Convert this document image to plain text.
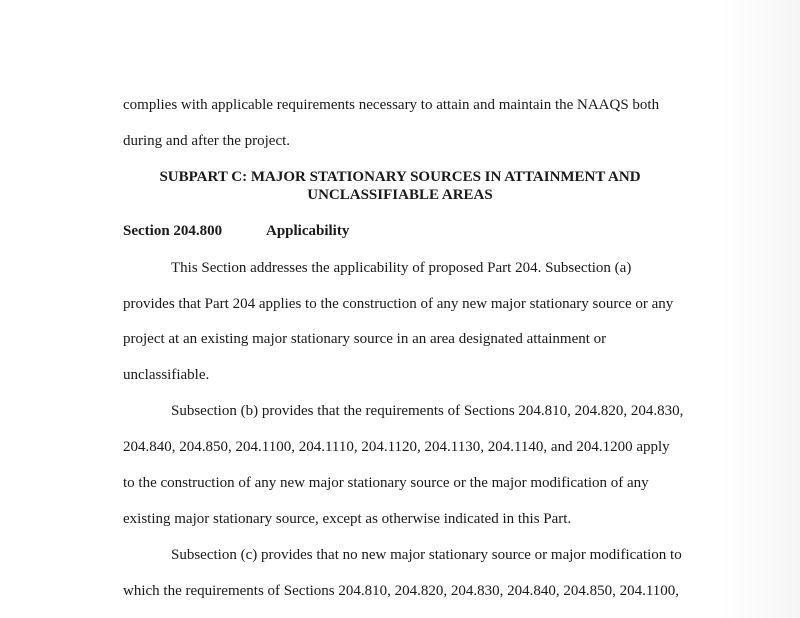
complies with applicable requirements necessary to attain and maintain the NAAQS both
during and after the project.
SUBPART C: MAJOR STATIONARY SOURCES IN ATTAINMENT AND
UNCLASSIFIABLE AREAS
Section 204.800	Applicability
This Section addresses the applicability of proposed Part 204. Subsection (a)
provides that Part 204 applies to the construction of any new major stationary source or any
project at an existing major stationary source in an area designated attainment or
unclassifiable.
Subsection (b) provides that the requirements of Sections 204.810, 204.820, 204.830,
204.840, 204.850, 204.1100, 204.1110, 204.1120, 204.1130, 204.1140, and 204.1200 apply
to the construction of any new major stationary source or the major modification of any
existing major stationary source, except as otherwise indicated in this Part.
Subsection (c) provides that no new major stationary source or major modification to
which the requirements of Sections 204.810, 204.820, 204.830, 204.840, 204.850, 204.1100,
